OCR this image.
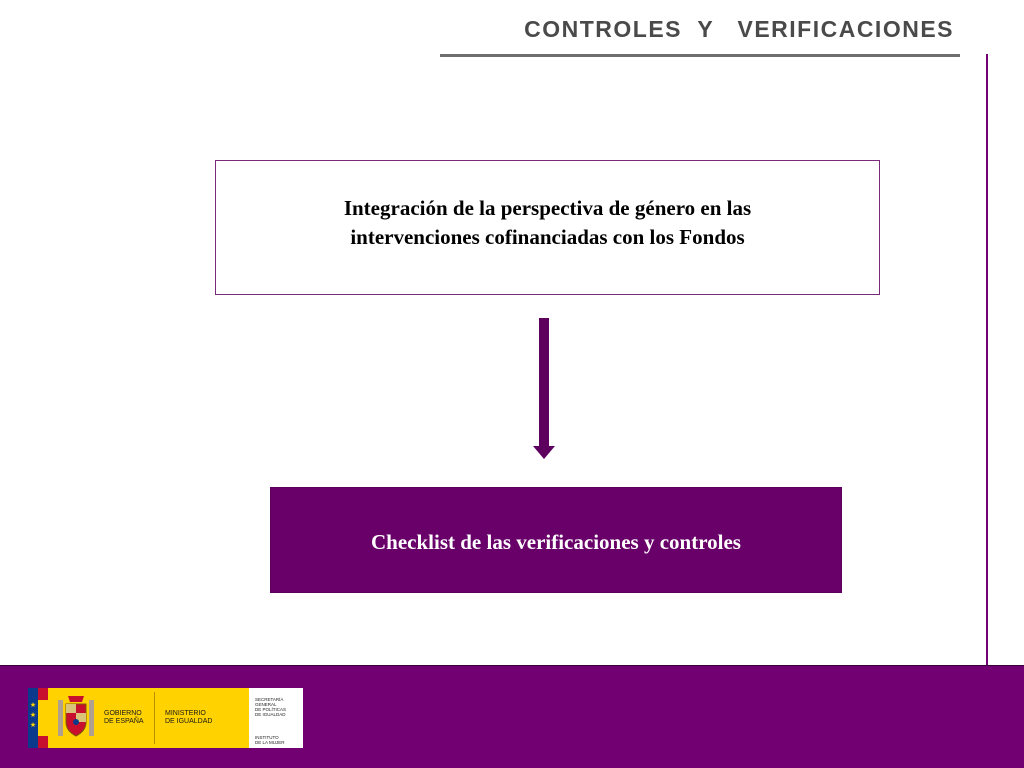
CONTROLES  Y   VERIFICACIONES
Integración de la perspectiva de género en las intervenciones cofinanciadas con los Fondos
Checklist de las verificaciones y controles
★
★
★
GOBIERNO
DE ESPAÑA
MINISTERIO
DE IGUALDAD

SECRETARÍA
GENERAL
DE POLÍTICAS
DE IGUALDAD

INSTITUTO
DE LA MUJER
